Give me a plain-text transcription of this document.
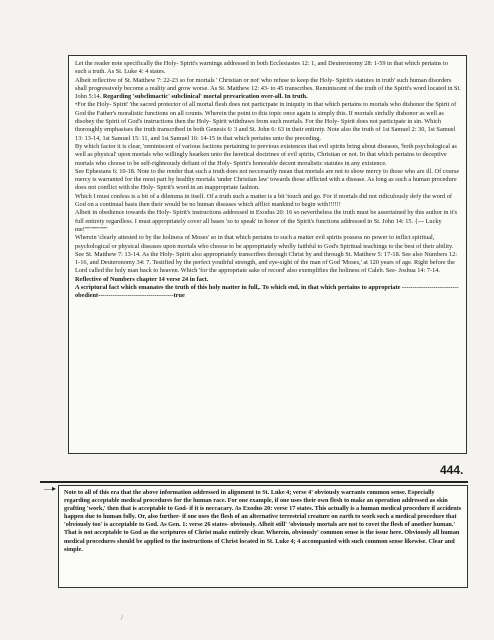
Let the reader note specifically the Holy- Spirit's warnings addressed in both Ecclesiastes 12: 1, and Deuteronomy 28: 1-59 in that which pertains to such a truth. As St. Luke 4: 4 states.

Albeit reflective of St. Matthew 7: 22-23 so for mortals ' Christian or not' who refuse to keep the Holy- Spirit's statutes in truth' such human disorders shall progressively become a reality and grow worse. As St. Matthew 12: 43- to 45 transcribes. Reminiscent of the truth of the Spirit's word located in St. John 5:14. Regarding 'subclimactic' subclinical' mortal prevarication over-all. In truth.

•For the Holy- Spirit' 'the sacred protector of all mortal flesh does not participate in iniquity in that which pertains to mortals who dishonor the Spirit of God the Father's moralistic functions on all counts. Wherein the point to this topic once again is simply this. If mortals sinfully dishonor as well as disobey the Spirit of God's instructions then the Holy- Spirit withdraws from such mortals. For the Holy- Spirit does not participate in sin. Which thoroughly emphasises the truth transcribed in both Genesis 6: 3 and St. John 6: 63 in their entirety. Note also the truth of 1st Samuel 2: 30, 1st Samuel 13: 13-14, 1st Samuel 15: 11, and 1st Samuel 16: 14-15 in that which pertains unto the preceding.

By which factor it is clear, 'reminiscent of various factions pertaining to previous existences that evil spirits bring about diseases, 'both psychological as well as physical' upon mortals who willingly hearken unto the heretical doctrines of evil spirits, Christian or not. In that which pertains to deceptive mortals who choose to be self-righteously defiant of the Holy- Spirit's honorable decent moralistic statutes in any existence.

See Ephesians 6: 10-18. Note to the render that such a truth does not neccesarily mean that mortals are not to show mercy to those who are ill. Of course mercy is warranted for the most part by healthy mortals 'under Christian law' towards those afflicted with a disease. As long as such a human procedure does not conflict with the Holy- Spirit's word in an inappropriate fashion.

Which I must confess is a bit of a dilemma in itself. Of a truth such a matter is a bit 'touch and go. For if mortals did not ridiculously defy the word of God on a continual basis then their would be no human diseases which afflict mankind to begin with!!!!!!

Albeit in obedience towards the Holy- Spirit's instructions addressed in Exodus 20: 16 so nevertheless the truth must be assertained by this author in it's full entirety regardless. I must appropriately cover all bases 'so to speak' in honor of the Spirit's functions addressed in St. John 14: 15. {--- Lucky me!''''''''''''''''''''

Wherein 'clearly attested to by the holiness of Moses' so in that which pertains to such a matter evil spirits possess no power to inflict spiritual, psychological or physical diseases upon mortals who choose to be appropriately wholly faithful to God's Spiritual teachings to the best of their ability.

See St. Matthew 7: 13-14. As the Holy- Spirit also appropriately transcribes through Christ by and through St. Matthew 5: 17-18. See also Numbers 12: 1-16, and Deuteronomy 34: 7. Testified by the perfect youthful strength, and eye-sight of the man of God 'Moses,' at 120 years of age. Right before the Lord called the holy man back to heaven. Which 'for the appropriate sake of record' also exemplifies the holiness of Caleb. See- Joshua 14: 7-14. Reflective of Numbers chapter 14 verse 24 in fact.

A scriptural fact which emanates the truth of this holy matter in full,. To which end, in that which pertains to appropriate ---------------------------obedient------------------------------------true

444.
—▸ Note to all of this era that the above information addressed in alignment to St. Luke 4; verse 4' obviously warrants common sense. Especially regarding acceptable medical procedures for the human race. For one example, if one uses their own flesh to make an operation addressed as skin grafting 'work,' then that is acceptable to God- if it is neccacary. As Exodus 20: verse 17 states. This actually is a human medical procedure if accidents happen due to human folly. Or, also further- if one uses the flesh of an alternative terrestrial creature on earth to work such a medical procedure that 'obviously too' is acceptable to God. As Gen. 1: verse 26 states- obviously. Albeit still' 'obviously mortals are not to covet the flesh of another human.' That is not acceptable to God as the scriptures of Christ make entirely clear. Wherein, obviously' common sense is the issue here. Obviously all human medical procedures should be applied to the instructions of Christ located in St. Luke 4; 4 accompanied with such common sense likewise. Clear and simple.

/
